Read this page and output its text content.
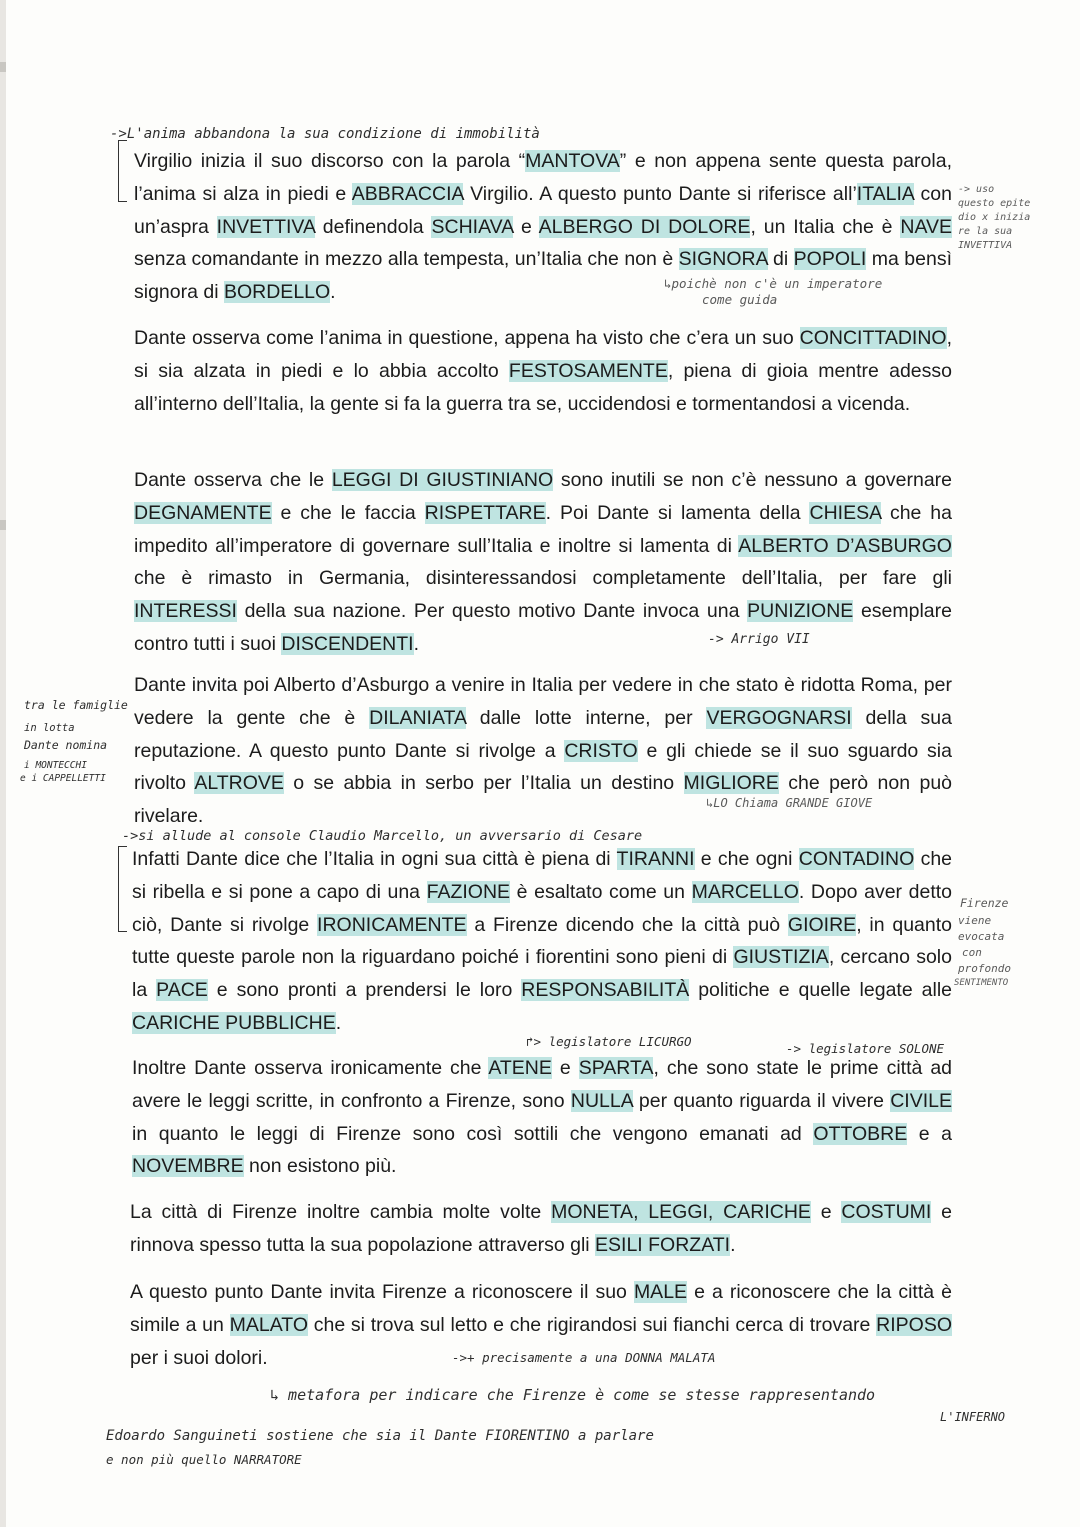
->L'anima abbandona la sua condizione di immobilità

Virgilio inizia il suo discorso con la parola “MANTOVA” e non appena sente questa parola, l’anima si alza in piedi e ABBRACCIA Virgilio. A questo punto Dante si riferisce all’ITALIA con un’aspra INVETTIVA definendola SCHIAVA e ALBERGO DI DOLORE, un Italia che è NAVE senza comandante in mezzo alla tempesta, un’Italia che non è SIGNORA di POPOLI ma bensì signora di BORDELLO.

-> uso
questo epite
dio x inizia
re la sua
INVETTIVA
↳poichè non c'è un imperatore
come guida

Dante osserva come l’anima in questione, appena ha visto che c’era un suo CONCITTADINO, si sia alzata in piedi e lo abbia accolto FESTOSAMENTE, piena di gioia mentre adesso all’interno dell’Italia, la gente si fa la guerra tra se, uccidendosi e tormentandosi a vicenda.

Dante osserva che le LEGGI DI GIUSTINIANO sono inutili se non c’è nessuno a governare DEGNAMENTE e che le faccia RISPETTARE. Poi Dante si lamenta della CHIESA che ha impedito all’imperatore di governare sull’Italia e inoltre si lamenta di ALBERTO D’ASBURGO che è rimasto in Germania, disinteressandosi completamente dell’Italia, per fare gli INTERESSI della sua nazione. Per questo motivo Dante invoca una PUNIZIONE esemplare contro tutti i suoi DISCENDENTI.	-> Arrigo VII

Dante invita poi Alberto d’Asburgo a venire in Italia per vedere in che stato è ridotta Roma, per vedere la gente che è DILANIATA dalle lotte interne, per VERGOGNARSI della sua reputazione. A questo punto Dante si rivolge a CRISTO e gli chiede se il suo sguardo sia rivolto ALTROVE o se abbia in serbo per l’Italia un destino MIGLIORE che però non può rivelare.

tra le famiglie
in lotta
Dante nomina
i MONTECCHI
e i CAPPELLETTI
↳LO Chiama GRANDE GIOVE
->si allude al console Claudio Marcello, un avversario di Cesare

Infatti Dante dice che l’Italia in ogni sua città è piena di TIRANNI e che ogni CONTADINO che si ribella e si pone a capo di una FAZIONE è esaltato come un MARCELLO. Dopo aver detto ciò, Dante si rivolge IRONICAMENTE a Firenze dicendo che la città può GIOIRE, in quanto tutte queste parole non la riguardano poiché i fiorentini sono pieni di GIUSTIZIA, cercano solo la PACE e sono pronti a prendersi le loro RESPONSABILITÀ politiche e quelle legate alle CARICHE PUBBLICHE.

Firenze
viene
evocata
con
profondo
SENTIMENTO
↱> legislatore LICURGO	-> legislatore SOLONE

Inoltre Dante osserva ironicamente che ATENE e SPARTA, che sono state le prime città ad avere le leggi scritte, in confronto a Firenze, sono NULLA per quanto riguarda il vivere CIVILE in quanto le leggi di Firenze sono così sottili che vengono emanati ad OTTOBRE e a NOVEMBRE non esistono più.

La città di Firenze inoltre cambia molte volte MONETA, LEGGI, CARICHE e COSTUMI e rinnova spesso tutta la sua popolazione attraverso gli ESILI FORZATI.

A questo punto Dante invita Firenze a riconoscere il suo MALE e a riconoscere che la città è simile a un MALATO che si trova sul letto e che rigirandosi sui fianchi cerca di trovare RIPOSO per i suoi dolori.	->+ precisamente a una DONNA MALATA
↳ metafora per indicare che Firenze è come se stesse rappresentando
L'INFERNO
Edoardo Sanguineti sostiene che sia il Dante FIORENTINO a parlare
e non più quello NARRATORE
